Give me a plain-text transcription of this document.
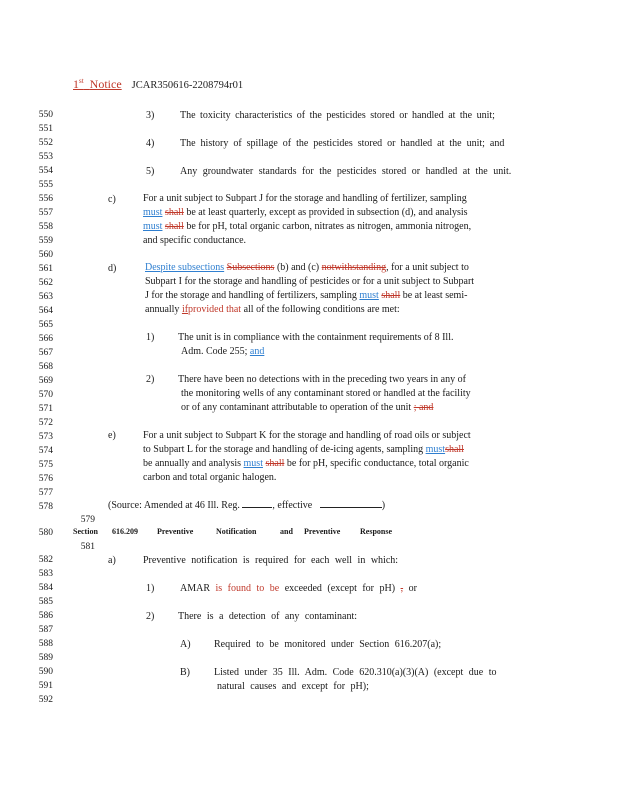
1st Notice JCAR350616-2208794r01
550
551
552
553
554
555
556
557
558
559
560
561
562
563
564
565
566
567
568
569
570
571
572
573
574
575
576
577
578
579
580
581
582
583
584
585
586
587
588
589
590
591
592
3)	The toxicity characteristics of the pesticides stored or handled at the unit;
4)	The history of spillage of the pesticides stored or handled at the unit; and
5)	Any groundwater standards for the pesticides stored or handled at the unit.
c)	For a unit subject to Subpart J for the storage and handling of fertilizer, sampling
must shall be at least quarterly, except as provided in subsection (d), and analysis
must shall be for pH, total organic carbon, nitrates as nitrogen, ammonia nitrogen,
and specific conductance.
d)	Despite subsections Subsections (b) and (c) notwithstanding, for a unit subject to
Subpart I for the storage and handling of pesticides or for a unit subject to Subpart
J for the storage and handling of fertilizers, sampling must shall be at least semi-
annually ifprovided that all of the following conditions are met:
1) The unit is in compliance with the containment requirements of 8 Ill.
Adm. Code 255; and
2) There have been no detections with in the preceding two years in any of
the monitoring wells of any contaminant stored or handled at the facility
or of any contaminant attributable to operation of the unit ; and
e)	For a unit subject to Subpart K for the storage and handling of road oils or subject
to Subpart L for the storage and handling of de-icing agents, sampling mustshall
be annually and analysis must shall be for pH, specific conductance, total organic
carbon and total organic halogen.
(Source: Amended at 46 Ill. Reg.	, effective	)
Section 616.209 Preventive	Notification	and Preventive Response
a)	Preventive notification is required for each well in which:
1)	AMAR is found to be exceeded (except for pH) , or
2) There is a detection of any contaminant:
A) Required to be monitored under Section 616.207(a);
B) Listed under 35 Ill. Adm. Code 620.310(a)(3)(A) (except due to
natural causes and except for pH);
